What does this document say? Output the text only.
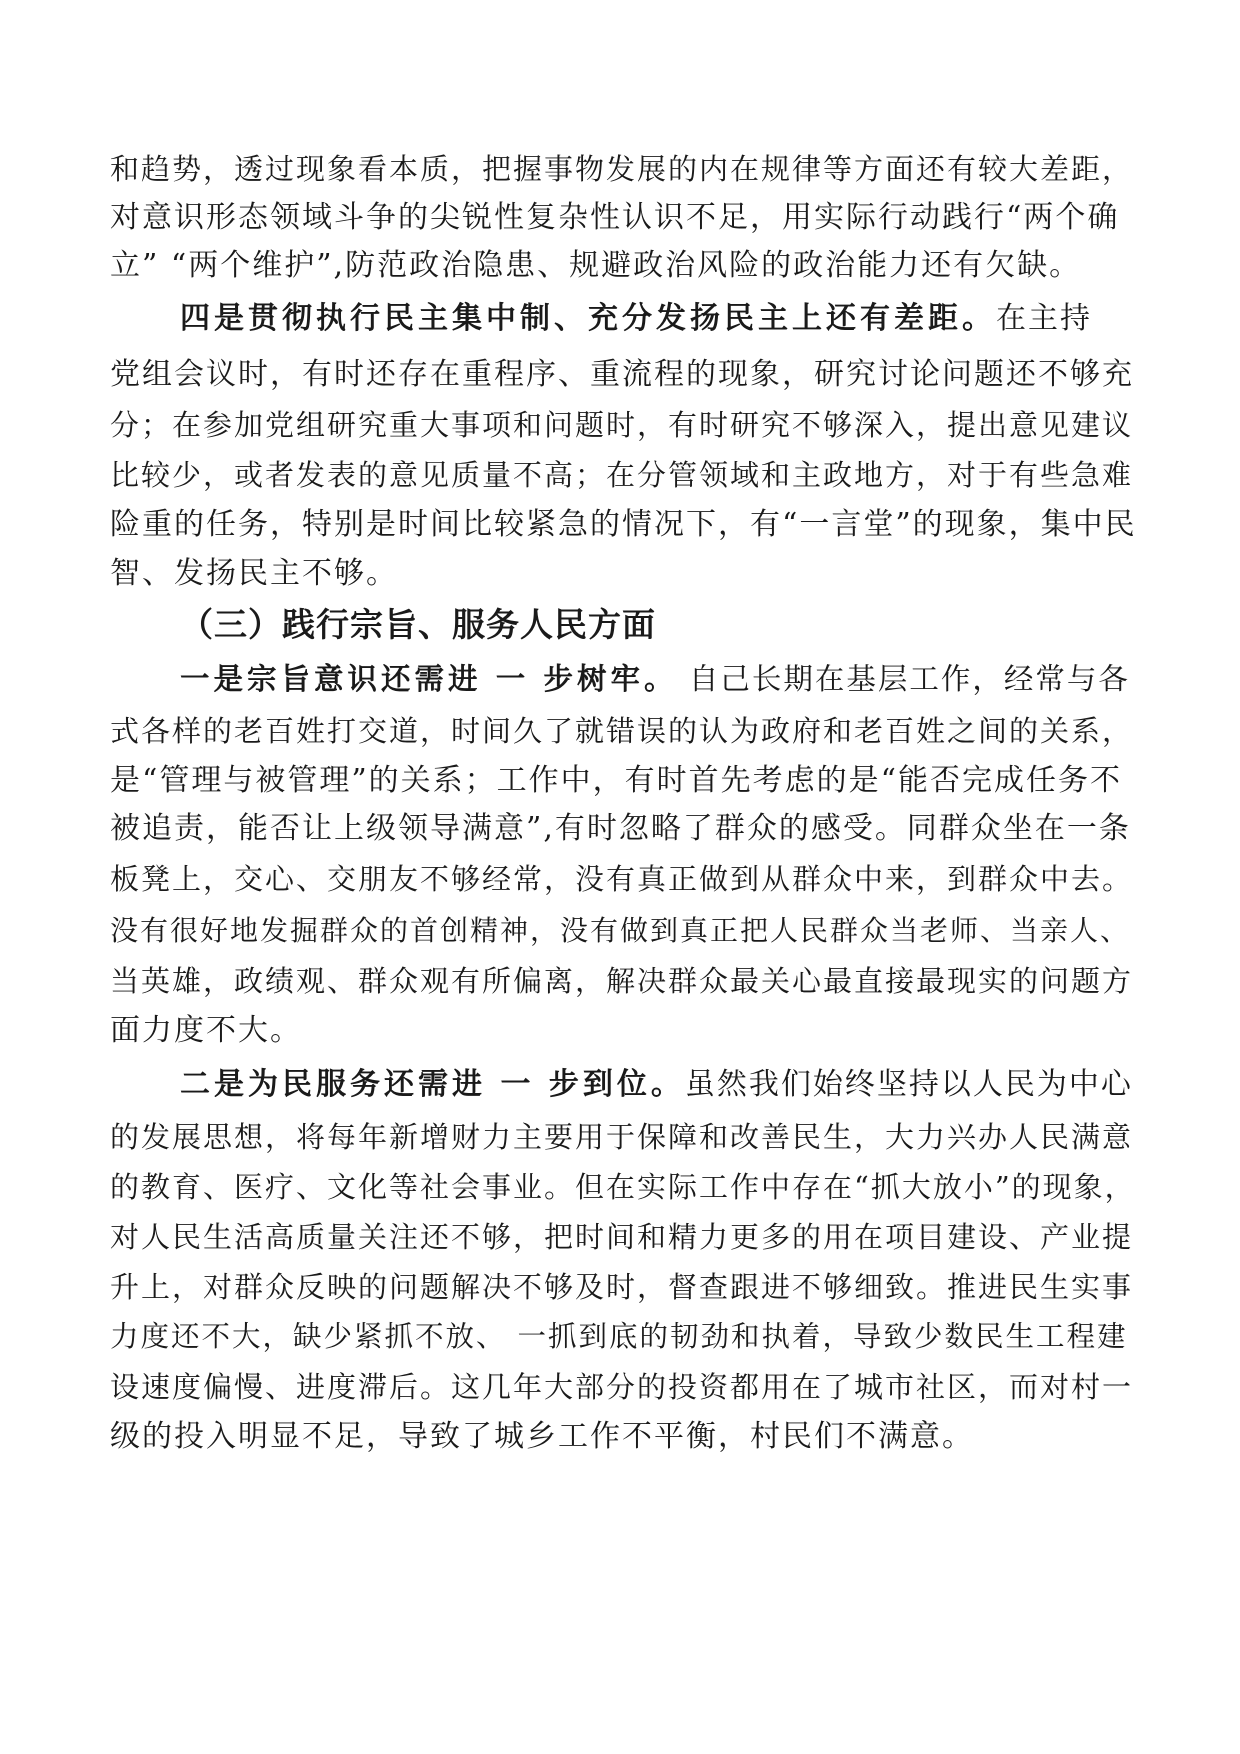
和趋势，透过现象看本质，把握事物发展的内在规律等方面还有较大差距，
对意识形态领域斗争的尖锐性复杂性认识不足，用实际行动践行“两个确
立” “两个维护”,防范政治隐患、规避政治风险的政治能力还有欠缺。
四是贯彻执行民主集中制、充分发扬民主上还有差距。在主持
党组会议时，有时还存在重程序、重流程的现象，研究讨论问题还不够充
分；在参加党组研究重大事项和问题时，有时研究不够深入，提出意见建议
比较少，或者发表的意见质量不高；在分管领域和主政地方，对于有些急难
险重的任务，特别是时间比较紧急的情况下，有“一言堂”的现象，集中民
智、发扬民主不够。
（三）践行宗旨、服务人民方面
一是宗旨意识还需进 一 步树牢。 自己长期在基层工作，经常与各
式各样的老百姓打交道，时间久了就错误的认为政府和老百姓之间的关系，
是“管理与被管理”的关系；工作中，有时首先考虑的是“能否完成任务不
被追责，能否让上级领导满意”,有时忽略了群众的感受。同群众坐在一条
板凳上，交心、交朋友不够经常，没有真正做到从群众中来，到群众中去。
没有很好地发掘群众的首创精神，没有做到真正把人民群众当老师、当亲人、
当英雄，政绩观、群众观有所偏离，解决群众最关心最直接最现实的问题方
面力度不大。
二是为民服务还需进 一 步到位。虽然我们始终坚持以人民为中心
的发展思想，将每年新增财力主要用于保障和改善民生，大力兴办人民满意
的教育、医疗、文化等社会事业。但在实际工作中存在“抓大放小”的现象，
对人民生活高质量关注还不够，把时间和精力更多的用在项目建设、产业提
升上，对群众反映的问题解决不够及时，督查跟进不够细致。推进民生实事
力度还不大，缺少紧抓不放、 一抓到底的韧劲和执着，导致少数民生工程建
设速度偏慢、进度滞后。这几年大部分的投资都用在了城市社区，而对村一
级的投入明显不足，导致了城乡工作不平衡，村民们不满意。
